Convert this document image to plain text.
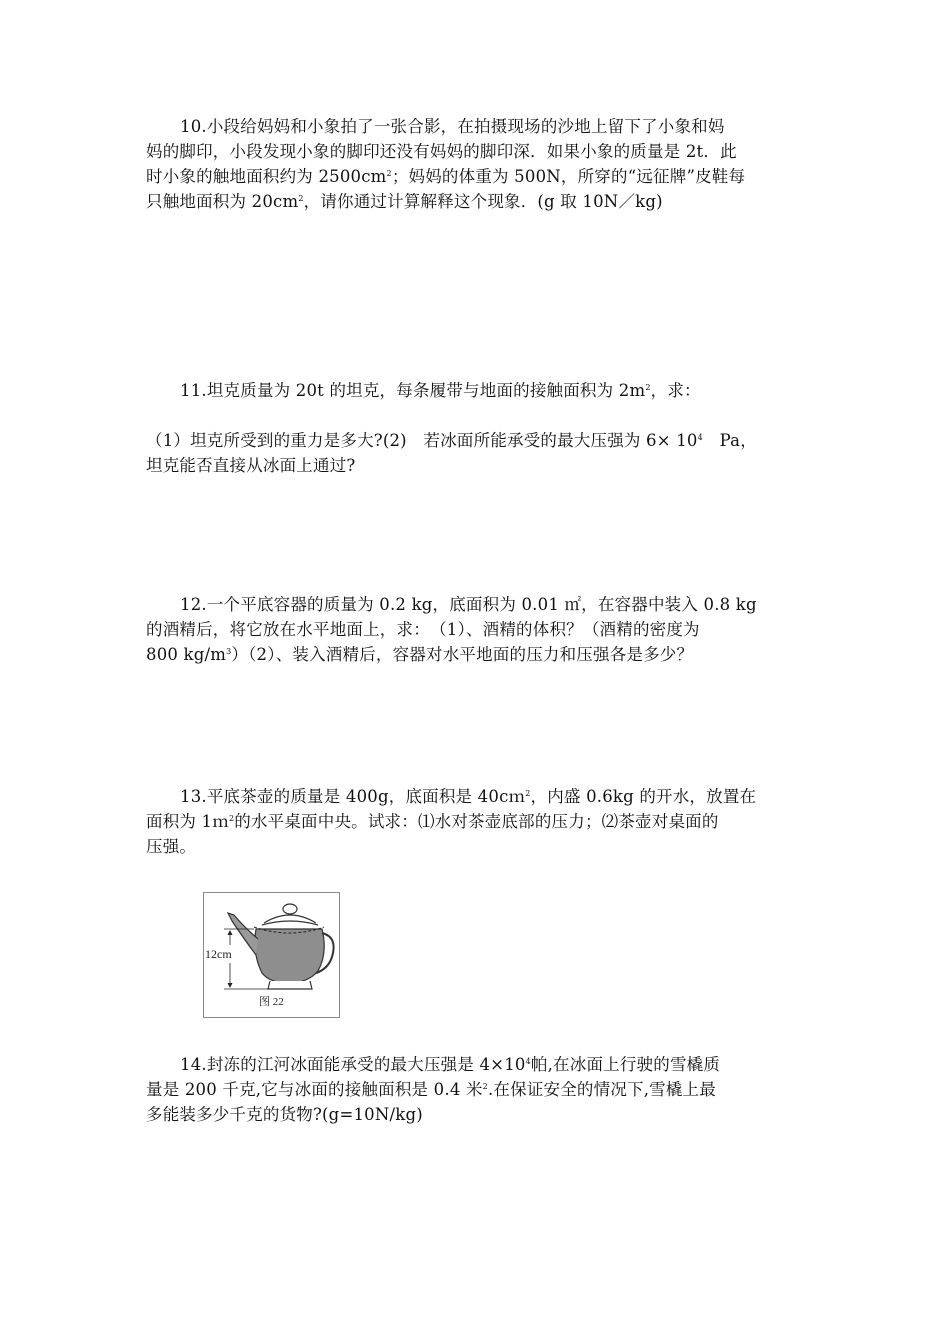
10.小段给妈妈和小象拍了一张合影，在拍摄现场的沙地上留下了小象和妈
妈的脚印，小段发现小象的脚印还没有妈妈的脚印深．如果小象的质量是 2t．此
时小象的触地面积约为 $2500cm^2$；妈妈的体重为 500N，所穿的“远征牌”皮鞋每
只触地面积为 $20cm^2$，请你通过计算解释这个现象．(g 取 10N／kg)
11.坦克质量为 20t 的坦克，每条履带与地面的接触面积为 $2m^2$，求：
（1）坦克所受到的重力是多大?(2)　若冰面所能承受的最大压强为 $6\times 10^4$　Pa，
坦克能否直接从冰面上通过?
12.一个平底容器的质量为 0.2 kg，底面积为 0.01 ㎡，在容器中装入 0.8 kg
的酒精后，将它放在水平地面上，求：　（1）、酒精的体积？（酒精的密度为
800 $kg/m^3)(2)$、装入酒精后，容器对水平地面的压力和压强各是多少？
13.平底茶壶的质量是 400g，底面积是 40cｍ$^2$，内盛 0.6kg 的开水，放置在
面积为 1ｍ$^2$的水平桌面中央。试求：⑴水对茶壶底部的压力；⑵茶壶对桌面的
压强。
12cm
图 22
14.封冻的江河冰面能承受的最大压强是 $4\times 10^4$帕,在冰面上行驶的雪橇质
量是 200 千克,它与冰面的接触面积是 0.4 米$^2$.在保证安全的情况下,雪橇上最
多能装多少千克的货物?(g=10N/kg)
